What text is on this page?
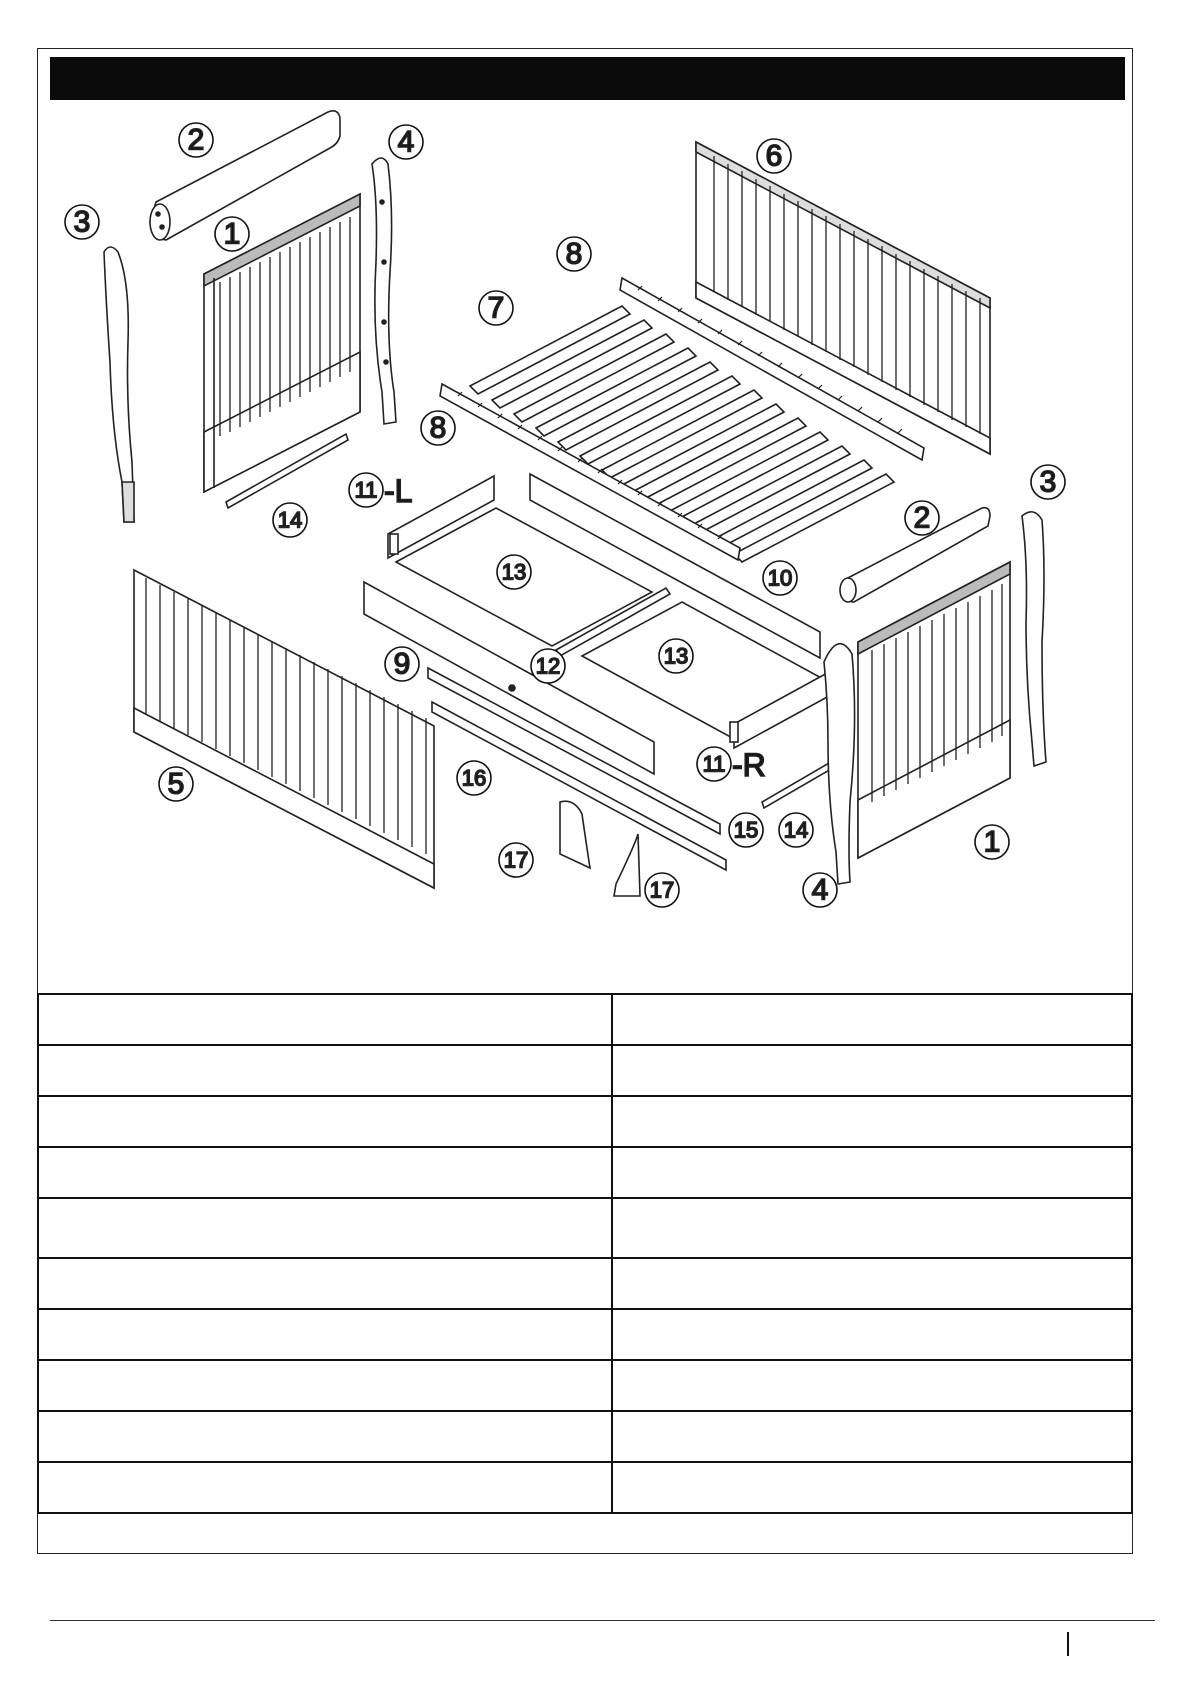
2
1
3
4	6
8
7
8
11 -L
14
13	10
2
3
5
9	12	13
16
11 -R
15 14
17
17
1
4
